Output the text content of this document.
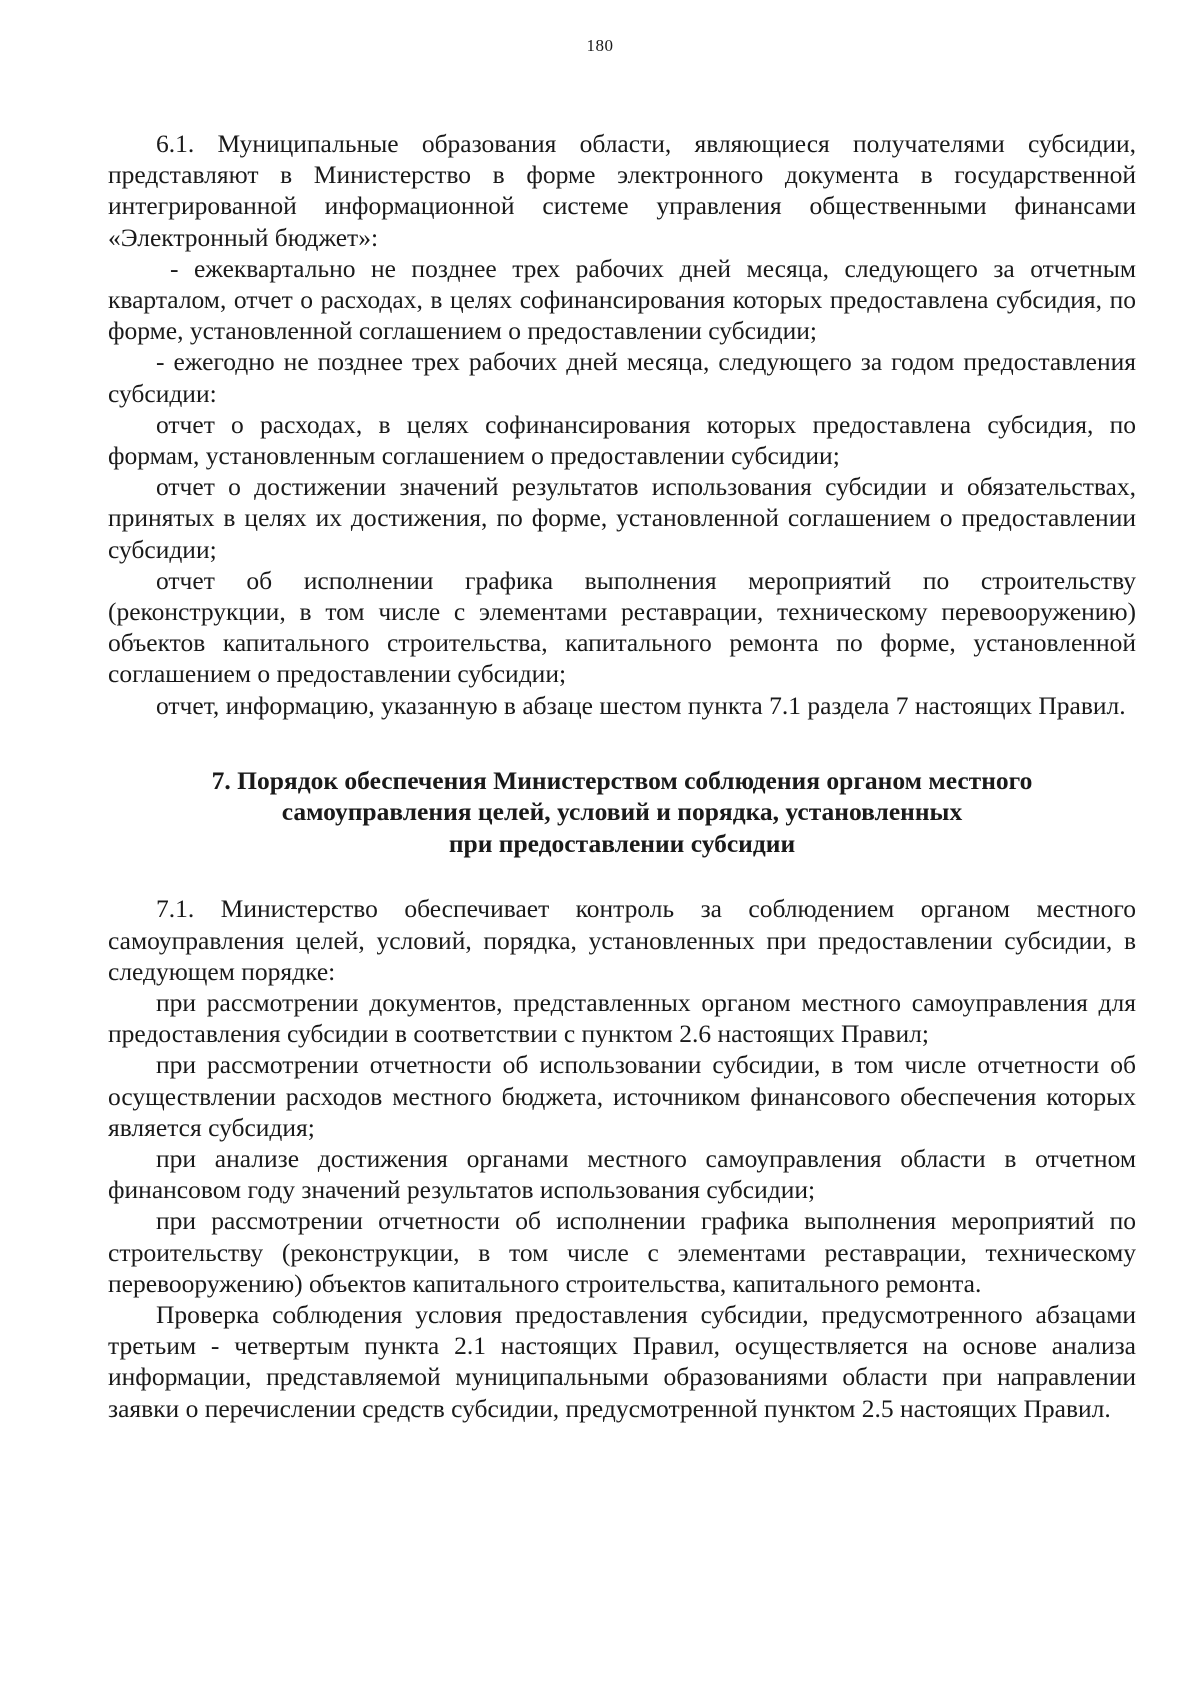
180

6.1. Муниципальные образования области, являющиеся получателями субсидии, представляют в Министерство в форме электронного документа в государственной интегрированной информационной системе управления общественными финансами «Электронный бюджет»:

- ежеквартально не позднее трех рабочих дней месяца, следующего за отчетным кварталом, отчет о расходах, в целях софинансирования которых предоставлена субсидия, по форме, установленной соглашением о предоставлении субсидии;

- ежегодно не позднее трех рабочих дней месяца, следующего за годом предоставления субсидии:

отчет о расходах, в целях софинансирования которых предоставлена субсидия, по формам, установленным соглашением о предоставлении субсидии;

отчет о достижении значений результатов использования субсидии и обязательствах, принятых в целях их достижения, по форме, установленной соглашением о предоставлении субсидии;

отчет об исполнении графика выполнения мероприятий по строительству (реконструкции, в том числе с элементами реставрации, техническому перевооружению) объектов капитального строительства, капитального ремонта по форме, установленной соглашением о предоставлении субсидии;

отчет, информацию, указанную в абзаце шестом пункта 7.1 раздела 7 настоящих Правил.

7. Порядок обеспечения Министерством соблюдения органом местного
самоуправления целей, условий и порядка, установленных
при предоставлении субсидии

7.1. Министерство обеспечивает контроль за соблюдением органом местного самоуправления целей, условий, порядка, установленных при предоставлении субсидии, в следующем порядке:

при рассмотрении документов, представленных органом местного самоуправления для предоставления субсидии в соответствии с пунктом 2.6 настоящих Правил;

при рассмотрении отчетности об использовании субсидии, в том числе отчетности об осуществлении расходов местного бюджета, источником финансового обеспечения которых является субсидия;

при анализе достижения органами местного самоуправления области в отчетном финансовом году значений результатов использования субсидии;

при рассмотрении отчетности об исполнении графика выполнения мероприятий по строительству (реконструкции, в том числе с элементами реставрации, техническому перевооружению) объектов капитального строительства, капитального ремонта.

Проверка соблюдения условия предоставления субсидии, предусмотренного абзацами третьим - четвертым пункта 2.1 настоящих Правил, осуществляется на основе анализа информации, представляемой муниципальными образованиями области при направлении заявки о перечислении средств субсидии, предусмотренной пунктом 2.5 настоящих Правил.
